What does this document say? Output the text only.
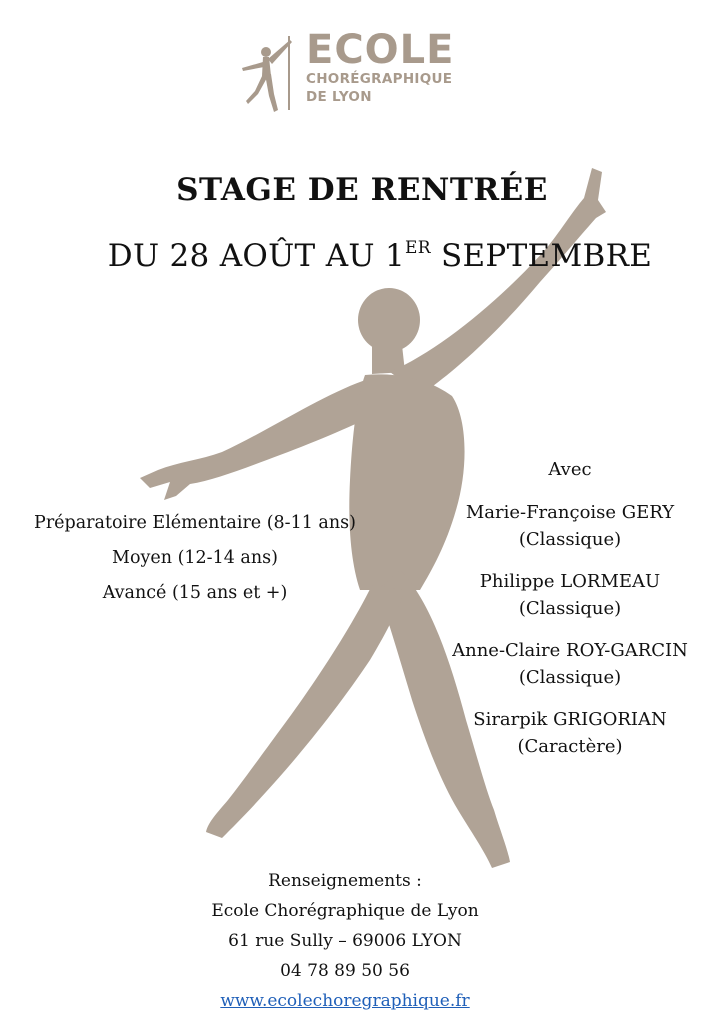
ECOLE
CHORÉGRAPHIQUE
DE LYON
STAGE DE RENTRÉE
DU 28 AOÛT AU 1ER SEPTEMBRE
Préparatoire Elémentaire (8-11 ans)
Moyen (12-14 ans)
Avancé (15 ans et +)
Avec
Marie-Françoise GERY
(Classique)
Philippe LORMEAU
(Classique)
Anne-Claire ROY-GARCIN
(Classique)
Sirarpik GRIGORIAN
(Caractère)
Renseignements :
Ecole Chorégraphique de Lyon
61 rue Sully – 69006 LYON
04 78 89 50 56
www.ecolechoregraphique.fr
